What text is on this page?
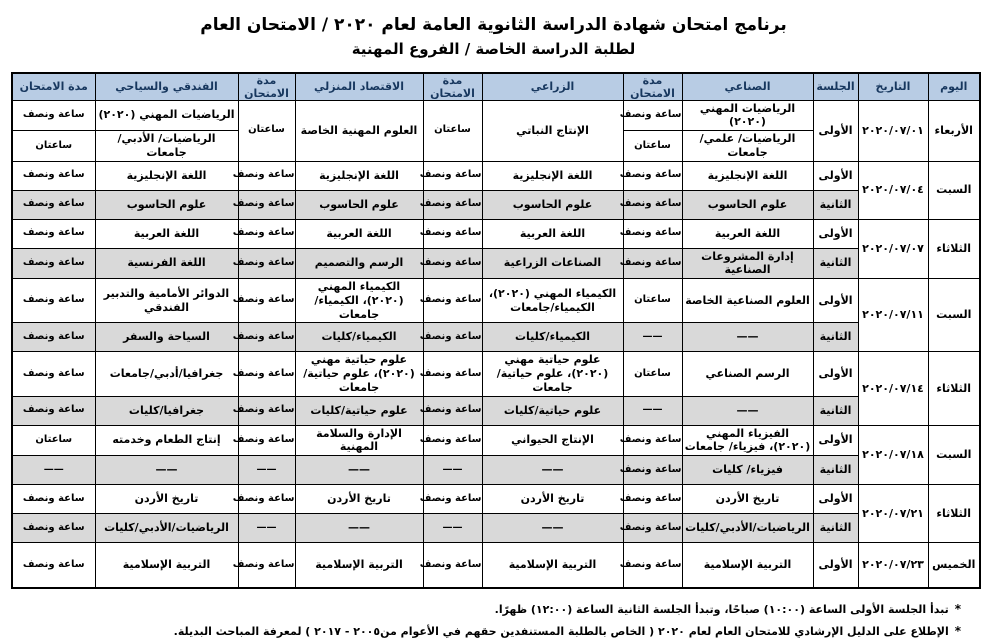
برنامج امتحان شهادة الدراسة الثانوية العامة لعام ٢٠٢٠ / الامتحان العام
لطلبة الدراسة الخاصة / الفروع المهنية
اليوم	التاريخ	الجلسة	الصناعي	مدة الامتحان	الزراعي	مدة الامتحان	الاقتصاد المنزلي	مدة الامتحان	الفندقي والسياحي	مدة الامتحان
الأربعاء	٢٠٢٠/٠٧/٠١	الأولى	الرياضيات المهني (٢٠٢٠)	ساعة ونصف	الإنتاج النباتي	ساعتان	العلوم المهنية الخاصة	ساعتان	الرياضيات المهني (٢٠٢٠)	ساعة ونصف
			الرياضيات/ علمي/جامعات	ساعتان					الرياضيات/ الأدبي/جامعات	ساعتان
السبت	٢٠٢٠/٠٧/٠٤	الأولى	اللغة الإنجليزية	ساعة ونصف	اللغة الإنجليزية	ساعة ونصف	اللغة الإنجليزية	ساعة ونصف	اللغة الإنجليزية	ساعة ونصف
		الثانية	علوم الحاسوب	ساعة ونصف	علوم الحاسوب	ساعة ونصف	علوم الحاسوب	ساعة ونصف	علوم الحاسوب	ساعة ونصف
الثلاثاء	٢٠٢٠/٠٧/٠٧	الأولى	اللغة العربية	ساعة ونصف	اللغة العربية	ساعة ونصف	اللغة العربية	ساعة ونصف	اللغة العربية	ساعة ونصف
		الثانية	إدارة المشروعات الصناعية	ساعة ونصف	الصناعات الزراعية	ساعة ونصف	الرسم والتصميم	ساعة ونصف	اللغة الفرنسية	ساعة ونصف
السبت	٢٠٢٠/٠٧/١١	الأولى	العلوم الصناعية الخاصة	ساعتان	الكيمياء المهني (٢٠٢٠)، الكيمياء/جامعات	ساعة ونصف	الكيمياء المهني (٢٠٢٠)، الكيمياء/جامعات	ساعة ونصف	الدوائر الأمامية والتدبير الفندقي	ساعة ونصف
		الثانية	——	——	الكيمياء/كليات	ساعة ونصف	الكيمياء/كليات	ساعة ونصف	السياحة والسفر	ساعة ونصف
الثلاثاء	٢٠٢٠/٠٧/١٤	الأولى	الرسم الصناعي	ساعتان	علوم حياتية مهني (٢٠٢٠)، علوم حياتية/جامعات	ساعة ونصف	علوم حياتية مهني (٢٠٢٠)، علوم حياتية/جامعات	ساعة ونصف	جغرافيا/أدبي/جامعات	ساعة ونصف
		الثانية	——	——	علوم حياتية/كليات	ساعة ونصف	علوم حياتية/كليات	ساعة ونصف	جغرافيا/كليات	ساعة ونصف
السبت	٢٠٢٠/٠٧/١٨	الأولى	الفيزياء المهني (٢٠٢٠)، فيزياء/ جامعات	ساعة ونصف	الإنتاج الحيواني	ساعة ونصف	الإدارة والسلامة المهنية	ساعة ونصف	إنتاج الطعام وخدمته	ساعتان
		الثانية	فيزياء/ كليات	ساعة ونصف	——	——	——	——	——	——
الثلاثاء	٢٠٢٠/٠٧/٢١	الأولى	تاريخ الأردن	ساعة ونصف	تاريخ الأردن	ساعة ونصف	تاريخ الأردن	ساعة ونصف	تاريخ الأردن	ساعة ونصف
		الثانية	الرياضيات/الأدبي/كليات	ساعة ونصف	——	——	——	——	الرياضيات/الأدبي/كليات	ساعة ونصف
الخميس	٢٠٢٠/٠٧/٢٣	الأولى	التربية الإسلامية	ساعة ونصف	التربية الإسلامية	ساعة ونصف	التربية الإسلامية	ساعة ونصف	التربية الإسلامية	ساعة ونصف
*تبدأ الجلسة الأولى الساعة (١٠:٠٠) صباحًا، وتبدأ الجلسة الثانية الساعة (١٢:٠٠) ظهرًا.
*الإطلاع على الدليل الإرشادي للامتحان العام لعام ٢٠٢٠ ( الخاص بالطلبة المستنفدين حقهم في الأعوام من٢٠٠٥ - ٢٠١٧ ) لمعرفة المباحث البديلة.
